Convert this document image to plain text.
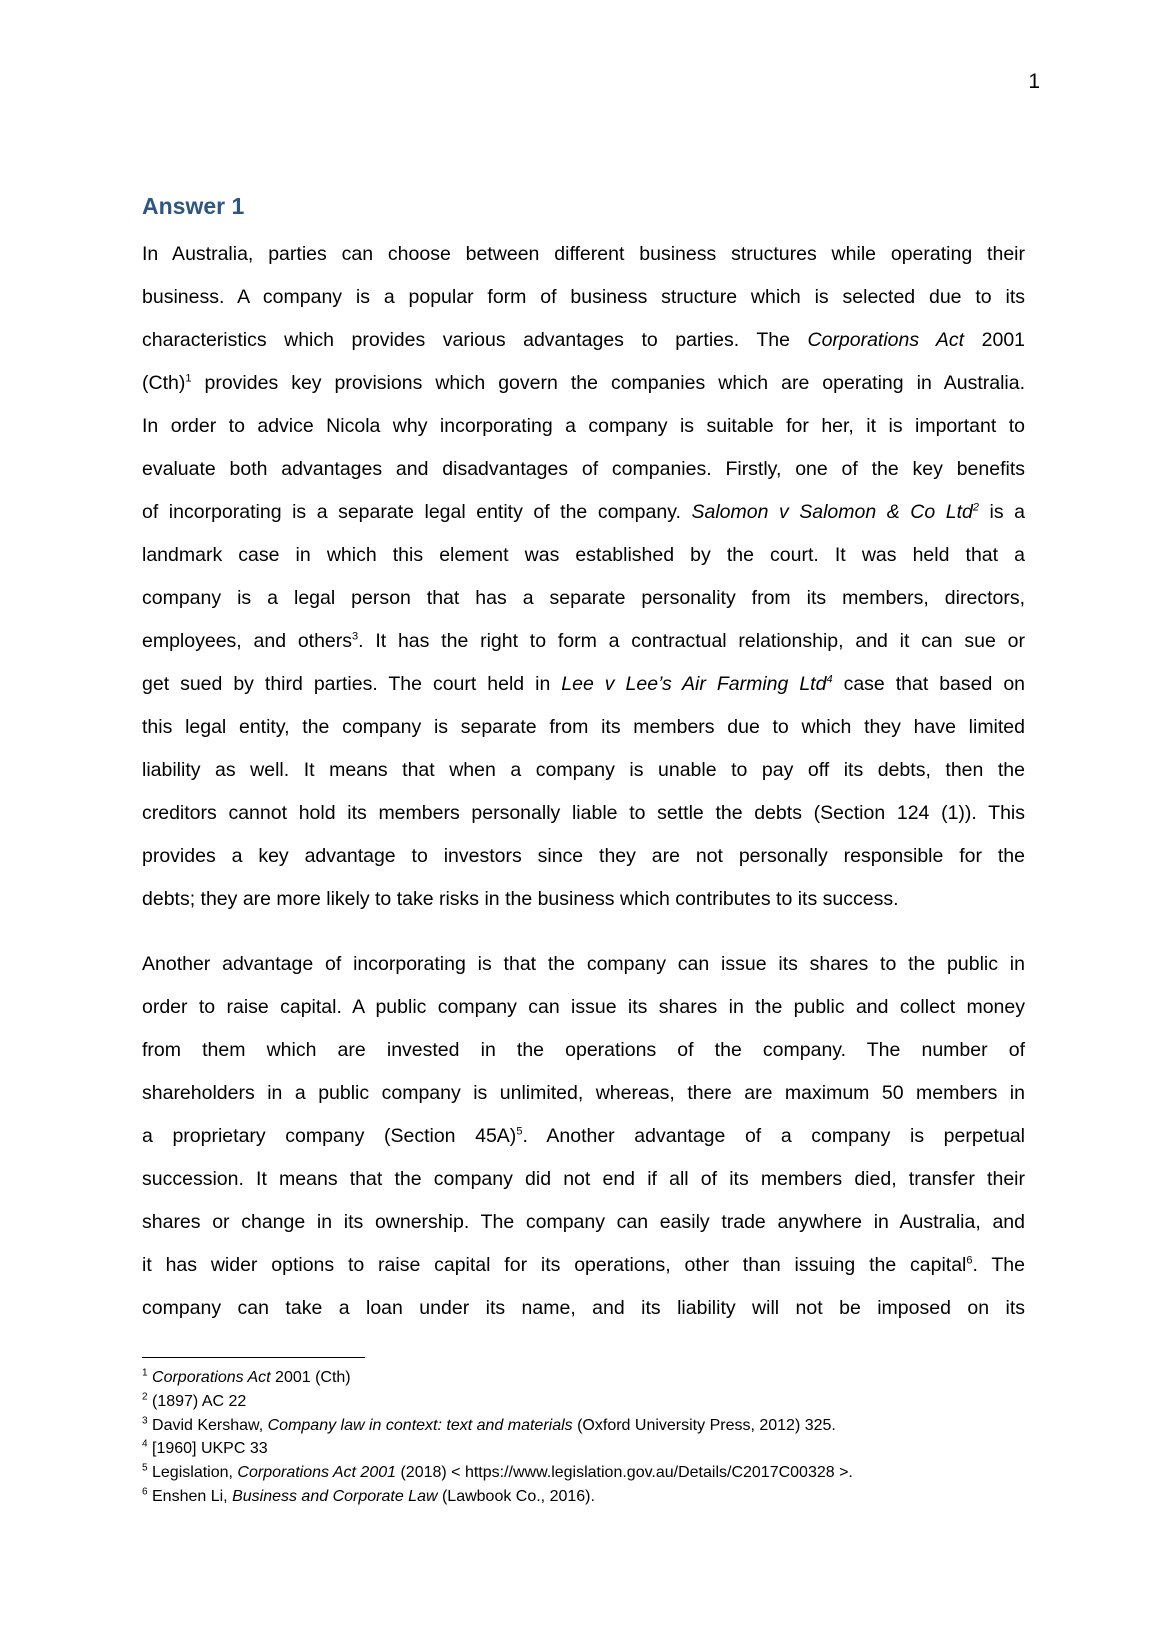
1
Answer 1
In Australia, parties can choose between different business structures while operating their
business. A company is a popular form of business structure which is selected due to its
characteristics which provides various advantages to parties. The Corporations Act 2001
(Cth)$^1$ provides key provisions which govern the companies which are operating in Australia.
In order to advice Nicola why incorporating a company is suitable for her, it is important to
evaluate both advantages and disadvantages of companies. Firstly, one of the key benefits
of incorporating is a separate legal entity of the company. Salomon v Salomon & Co Ltd$^2$ is a
landmark case in which this element was established by the court. It was held that a
company is a legal person that has a separate personality from its members, directors,
employees, and others$^3$. It has the right to form a contractual relationship, and it can sue or
get sued by third parties. The court held in Lee v Lee’s Air Farming Ltd$^4$ case that based on
this legal entity, the company is separate from its members due to which they have limited
liability as well. It means that when a company is unable to pay off its debts, then the
creditors cannot hold its members personally liable to settle the debts (Section 124 (1)). This
provides a key advantage to investors since they are not personally responsible for the
debts; they are more likely to take risks in the business which contributes to its success.
Another advantage of incorporating is that the company can issue its shares to the public in
order to raise capital. A public company can issue its shares in the public and collect money
from them which are invested in the operations of the company. The number of
shareholders in a public company is unlimited, whereas, there are maximum 50 members in
a proprietary company (Section 45A)$^5$. Another advantage of a company is perpetual
succession. It means that the company did not end if all of its members died, transfer their
shares or change in its ownership. The company can easily trade anywhere in Australia, and
it has wider options to raise capital for its operations, other than issuing the capital$^6$. The
company can take a loan under its name, and its liability will not be imposed on its
$^1$ Corporations Act 2001 (Cth)
$^2$ (1897) AC 22
$^3$ David Kershaw, Company law in context: text and materials (Oxford University Press, 2012) 325.
$^4$ [1960] UKPC 33
$^5$ Legislation, Corporations Act 2001 (2018) < https://www.legislation.gov.au/Details/C2017C00328 >.
$^6$ Enshen Li, Business and Corporate Law (Lawbook Co., 2016).
